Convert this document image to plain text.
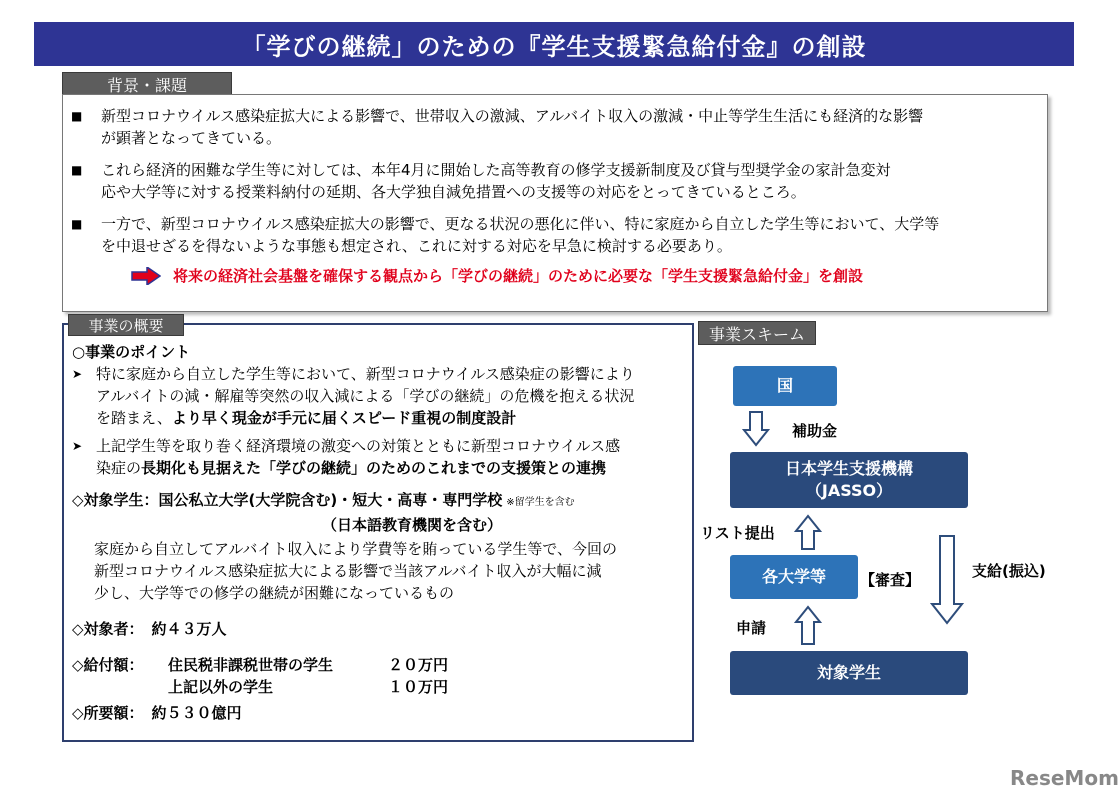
「学びの継続」のための『学生支援緊急給付金』の創設
背景・課題
■	新型コロナウイルス感染症拡大による影響で、世帯収入の激減、アルバイト収入の激減・中止等学生生活にも経済的な影響
が顕著となってきている。
■	これら経済的困難な学生等に対しては、本年4月に開始した高等教育の修学支援新制度及び貸与型奨学金の家計急変対
応や大学等に対する授業料納付の延期、各大学独自減免措置への支援等の対応をとってきているところ。
■	一方で、新型コロナウイルス感染症拡大の影響で、更なる状況の悪化に伴い、特に家庭から自立した学生等において、大学等
を中退せざるを得ないような事態も想定され、これに対する対応を早急に検討する必要あり。
将来の経済社会基盤を確保する観点から「学びの継続」のために必要な「学生支援緊急給付金」を創設
事業の概要
○事業のポイント
➤ 特に家庭から自立した学生等において、新型コロナウイルス感染症の影響により
アルバイトの減・解雇等突然の収入減による「学びの継続」の危機を抱える状況
を踏まえ、より早く現金が手元に届くスピード重視の制度設計
➤ 上記学生等を取り巻く経済環境の激変への対策とともに新型コロナウイルス感
染症の長期化も見据えた「学びの継続」のためのこれまでの支援策との連携
◇対象学生：国公私立大学(大学院含む)・短大・高専・専門学校 ※留学生を含む
（日本語教育機関を含む）
家庭から自立してアルバイト収入により学費等を賄っている学生等で、今回の
新型コロナウイルス感染症拡大による影響で当該アルバイト収入が大幅に減
少し、大学等での修学の継続が困難になっているもの
◇対象者： 約４３万人
◇給付額：	住民税非課税世帯の学生	２０万円
上記以外の学生	１０万円
◇所要額： 約５３０億円
事業スキーム
国
補助金
日本学生支援機構
（JASSO）
リスト提出
支給(振込)
各大学等	【審査】
申請
対象学生
ReseMom
